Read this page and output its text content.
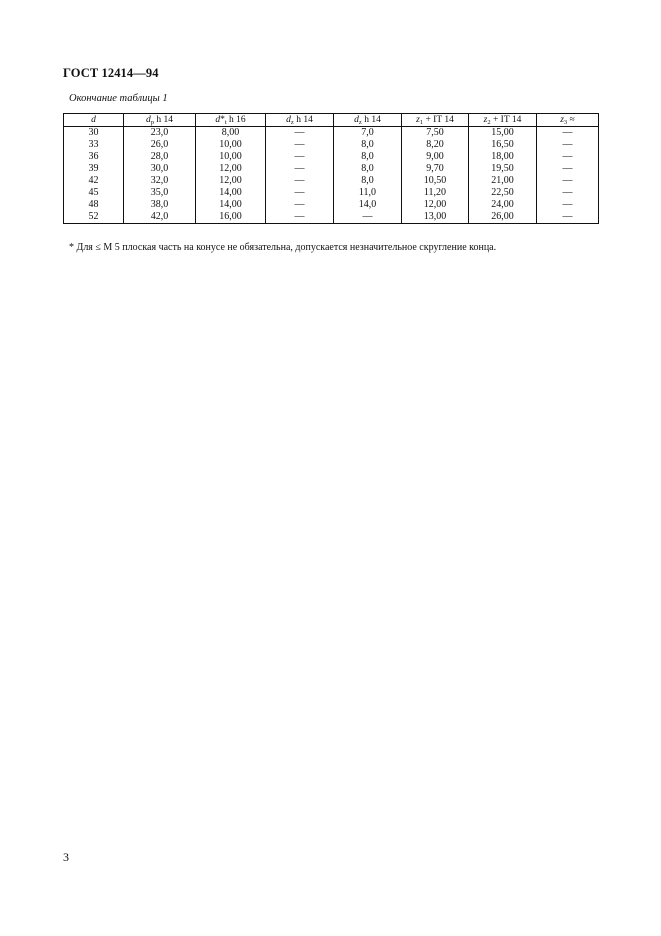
ГОСТ 12414—94
Окончание таблицы 1
d	$d_p$ h 14	$d*_t$ h 16	$d_z$ h 14	$d_z$ h 14	$z_1$ + IT 14	$z_2$ + IT 14	$z_3$ ≈
30	23,0	8,00	—	7,0	7,50	15,00	—
33	26,0	10,00	—	8,0	8,20	16,50	—
36	28,0	10,00	—	8,0	9,00	18,00	—
39	30,0	12,00	—	8,0	9,70	19,50	—
42	32,0	12,00	—	8,0	10,50	21,00	—
45	35,0	14,00	—	11,0	11,20	22,50	—
48	38,0	14,00	—	14,0	12,00	24,00	—
52	42,0	16,00	—	—	13,00	26,00	—
* Для ≤ М 5 плоская часть на конусе не обязательна, допускается незначительное скругление конца.
3
